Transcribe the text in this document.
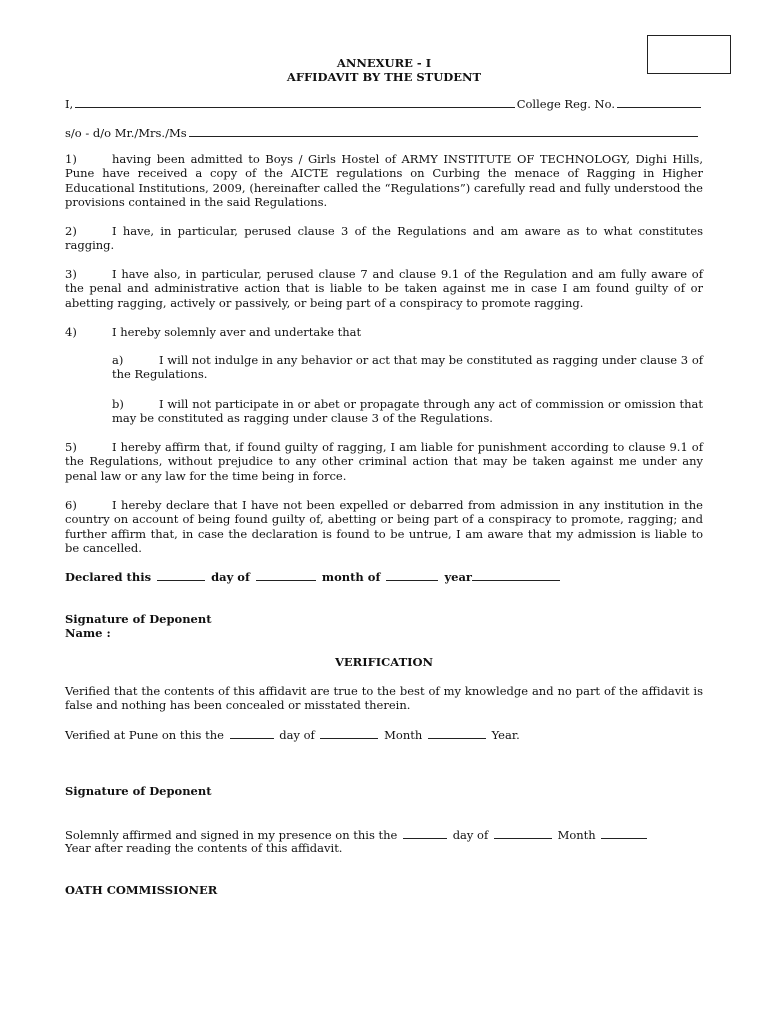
ANNEXURE - I
AFFIDAVIT BY THE STUDENT
I,	College Reg. No.
s/o - d/o Mr./Mrs./Ms
1)	having been admitted to Boys / Girls Hostel of ARMY INSTITUTE OF TECHNOLOGY, Dighi Hills, Pune have received a copy of the AICTE regulations on Curbing the menace of Ragging in Higher Educational Institutions, 2009, (hereinafter called the “Regulations”) carefully read and fully understood the provisions contained in the said Regulations.
2)	I have, in particular, perused clause 3 of the Regulations and am aware as to what constitutes ragging.
3)	I have also, in particular, perused clause 7 and clause 9.1 of the Regulation and am fully aware of the penal and administrative action that is liable to be taken against me in case I am found guilty of or abetting ragging, actively or passively, or being part of a conspiracy to promote ragging.
4)	I hereby solemnly aver and undertake that
a)	I will not indulge in any behavior or act that may be constituted as ragging under clause 3 of the Regulations.
b)	I will not participate in or abet or propagate through any act of commission or omission that may be constituted as ragging under clause 3 of the Regulations.
5)	I hereby affirm that, if found guilty of ragging, I am liable for punishment according to clause 9.1 of the Regulations, without prejudice to any other criminal action that may be taken against me under any penal law or any law for the time being in force.
6)	I hereby declare that I have not been expelled or debarred from admission in any institution in the country on account of being found guilty of, abetting or being part of a conspiracy to promote, ragging; and further affirm that, in case the declaration is found to be untrue, I am aware that my admission is liable to be cancelled.
Declared this	day of	month of	year
Signature of Deponent
Name :
VERIFICATION
Verified that the contents of this affidavit are true to the best of my knowledge and no part of the affidavit is false and nothing has been concealed or misstated therein.
Verified at Pune on this the	day of	Month	Year.
Signature of Deponent
Solemnly affirmed and signed in my presence on this the	day of	Month
Year after reading the contents of this affidavit.
OATH COMMISSIONER
